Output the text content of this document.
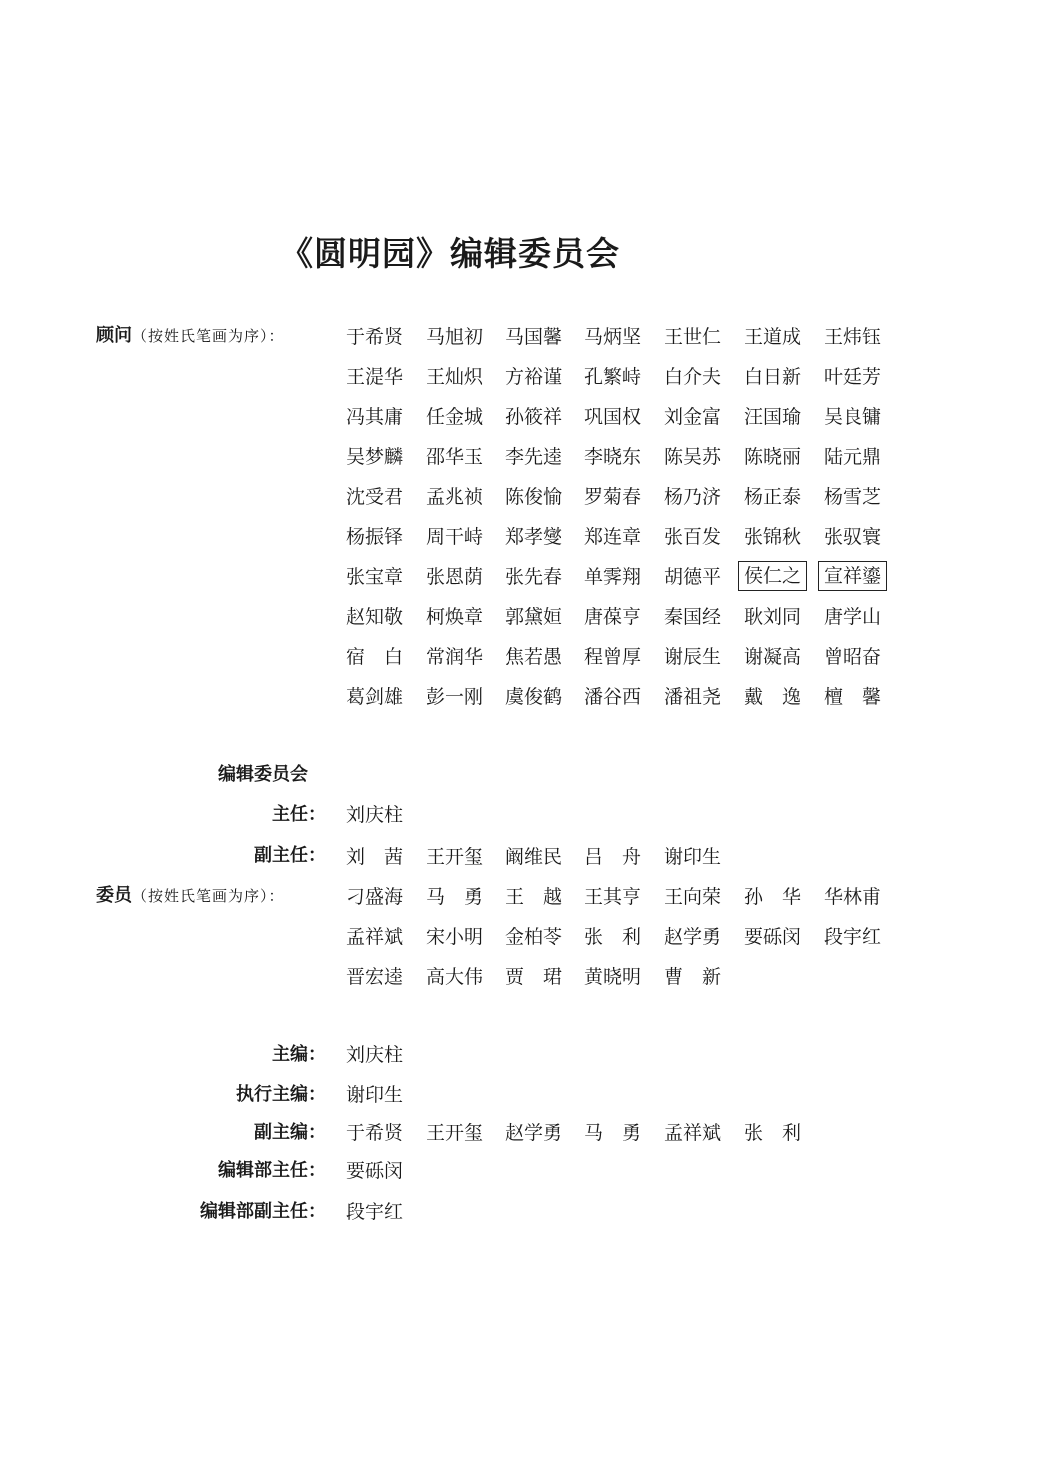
《圆明园》编辑委员会
顾问（按姓氏笔画为序）：	于希贤 马旭初 马国馨 马炳坚 王世仁 王道成 王炜钰
王湜华 王灿炽 方裕谨 孔繁峙 白介夫 白日新 叶廷芳
冯其庸 任金城 孙筱祥 巩国权 刘金富 汪国瑜 吴良镛
吴梦麟 邵华玉 李先逵 李晓东 陈吴苏 陈晓丽 陆元鼎
沈受君 孟兆祯 陈俊愉 罗菊春 杨乃济 杨正泰 杨雪芝
杨振铎 周干峙 郑孝燮 郑连章 张百发 张锦秋 张驭寰
张宝章 张恩荫 张先春 单霁翔 胡德平	侯仁之	宣祥鎏
赵知敬 柯焕章 郭黛姮 唐葆亨 秦国经 耿刘同 唐学山
宿　白 常润华 焦若愚 程曾厚 谢辰生 谢凝高 曾昭奋
葛剑雄 彭一刚 虞俊鹤 潘谷西 潘祖尧 戴　逸 檀　馨
编辑委员会
主任： 刘庆柱
副主任： 刘　茜 王开玺 阚维民 吕　舟 谢印生
委员（按姓氏笔画为序）：	刁盛海 马　勇 王　越 王其亨 王向荣 孙　华 华林甫
孟祥斌 宋小明 金柏苓 张　利 赵学勇 要砾闵 段宇红
晋宏逵 高大伟 贾　珺 黄晓明 曹　新
主编： 刘庆柱
执行主编： 谢印生
副主编： 于希贤 王开玺 赵学勇 马　勇 孟祥斌 张　利
编辑部主任： 要砾闵
编辑部副主任： 段宇红
